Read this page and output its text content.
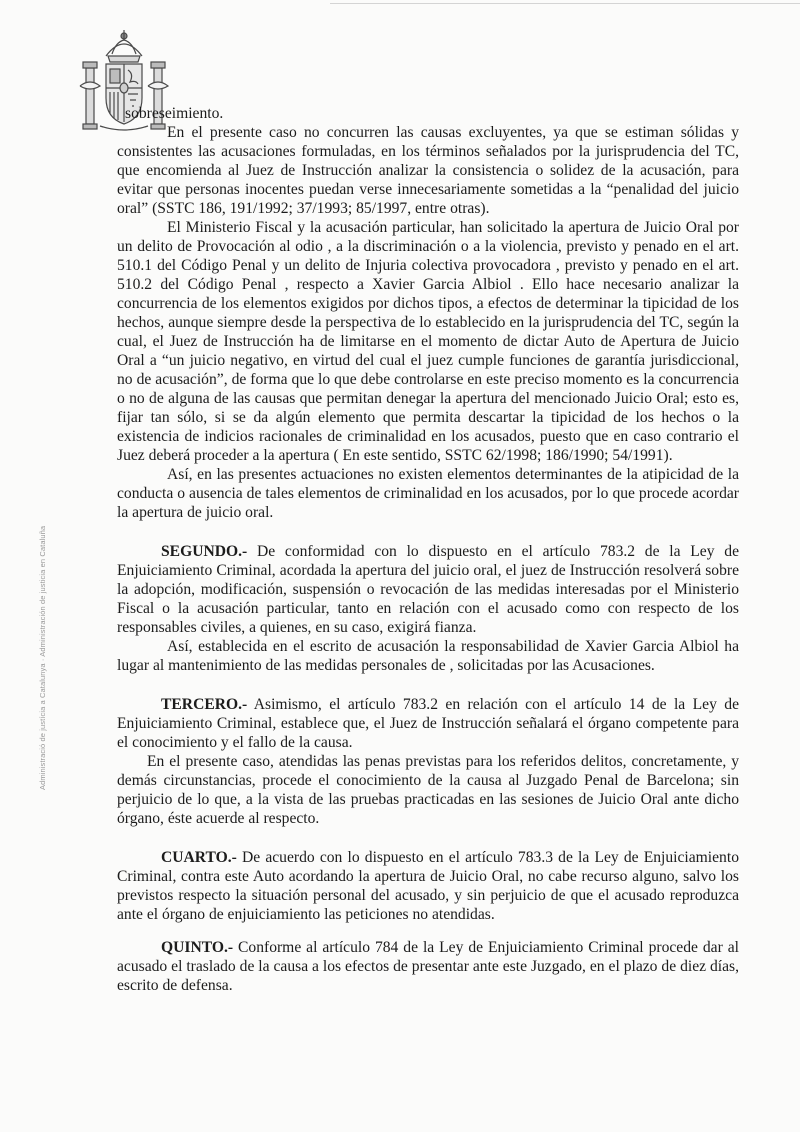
Administració de justícia a Catalunya · Administración de justicia en Cataluña

sobreseimiento.

En el presente caso no concurren las causas excluyentes, ya que se estiman sólidas y consistentes las acusaciones formuladas, en los términos señalados por la jurisprudencia del TC, que encomienda al Juez de Instrucción analizar la consistencia o solidez de la acusación, para evitar que personas inocentes puedan verse innecesariamente sometidas a la “penalidad del juicio oral” (SSTC 186, 191/1992; 37/1993; 85/1997, entre otras).

El Ministerio Fiscal y la acusación particular, han solicitado la apertura de Juicio Oral por un delito de Provocación al odio , a la discriminación o a la violencia, previsto y penado en el art. 510.1 del Código Penal y un delito de Injuria colectiva provocadora , previsto y penado en el art. 510.2 del Código Penal , respecto a Xavier Garcia Albiol . Ello hace necesario analizar la concurrencia de los elementos exigidos por dichos tipos, a efectos de determinar la tipicidad de los hechos, aunque siempre desde la perspectiva de lo establecido en la jurisprudencia del TC, según la cual, el Juez de Instrucción ha de limitarse en el momento de dictar Auto de Apertura de Juicio Oral a “un juicio negativo, en virtud del cual el juez cumple funciones de garantía jurisdiccional, no de acusación”, de forma que lo que debe controlarse en este preciso momento es la concurrencia o no de alguna de las causas que permitan denegar la apertura del mencionado Juicio Oral; esto es, fijar tan sólo, si se da algún elemento que permita descartar la tipicidad de los hechos o la existencia de indicios racionales de criminalidad en los acusados, puesto que en caso contrario el Juez deberá proceder a la apertura ( En este sentido, SSTC 62/1998; 186/1990; 54/1991).

Así, en las presentes actuaciones no existen elementos determinantes de la atipicidad de la conducta o ausencia de tales elementos de criminalidad en los acusados, por lo que procede acordar la apertura de juicio oral.

SEGUNDO.- De conformidad con lo dispuesto en el artículo 783.2 de la Ley de Enjuiciamiento Criminal, acordada la apertura del juicio oral, el juez de Instrucción resolverá sobre la adopción, modificación, suspensión o revocación de las medidas interesadas por el Ministerio Fiscal o la acusación particular, tanto en relación con el acusado como con respecto de los responsables civiles, a quienes, en su caso, exigirá fianza.

Así, establecida en el escrito de acusación la responsabilidad de Xavier Garcia Albiol ha lugar al mantenimiento de las medidas personales de , solicitadas por las Acusaciones.

TERCERO.- Asimismo, el artículo 783.2 en relación con el artículo 14 de la Ley de Enjuiciamiento Criminal, establece que, el Juez de Instrucción señalará el órgano competente para el conocimiento y el fallo de la causa.

En el presente caso, atendidas las penas previstas para los referidos delitos, concretamente, y demás circunstancias, procede el conocimiento de la causa al Juzgado Penal de Barcelona; sin perjuicio de lo que, a la vista de las pruebas practicadas en las sesiones de Juicio Oral ante dicho órgano, éste acuerde al respecto.

CUARTO.- De acuerdo con lo dispuesto en el artículo 783.3 de la Ley de Enjuiciamiento Criminal, contra este Auto acordando la apertura de Juicio Oral, no cabe recurso alguno, salvo los previstos respecto la situación personal del acusado, y sin perjuicio de que el acusado reproduzca ante el órgano de enjuiciamiento las peticiones no atendidas.

QUINTO.- Conforme al artículo 784 de la Ley de Enjuiciamiento Criminal procede dar al acusado el traslado de la causa a los efectos de presentar ante este Juzgado, en el plazo de diez días, escrito de defensa.
